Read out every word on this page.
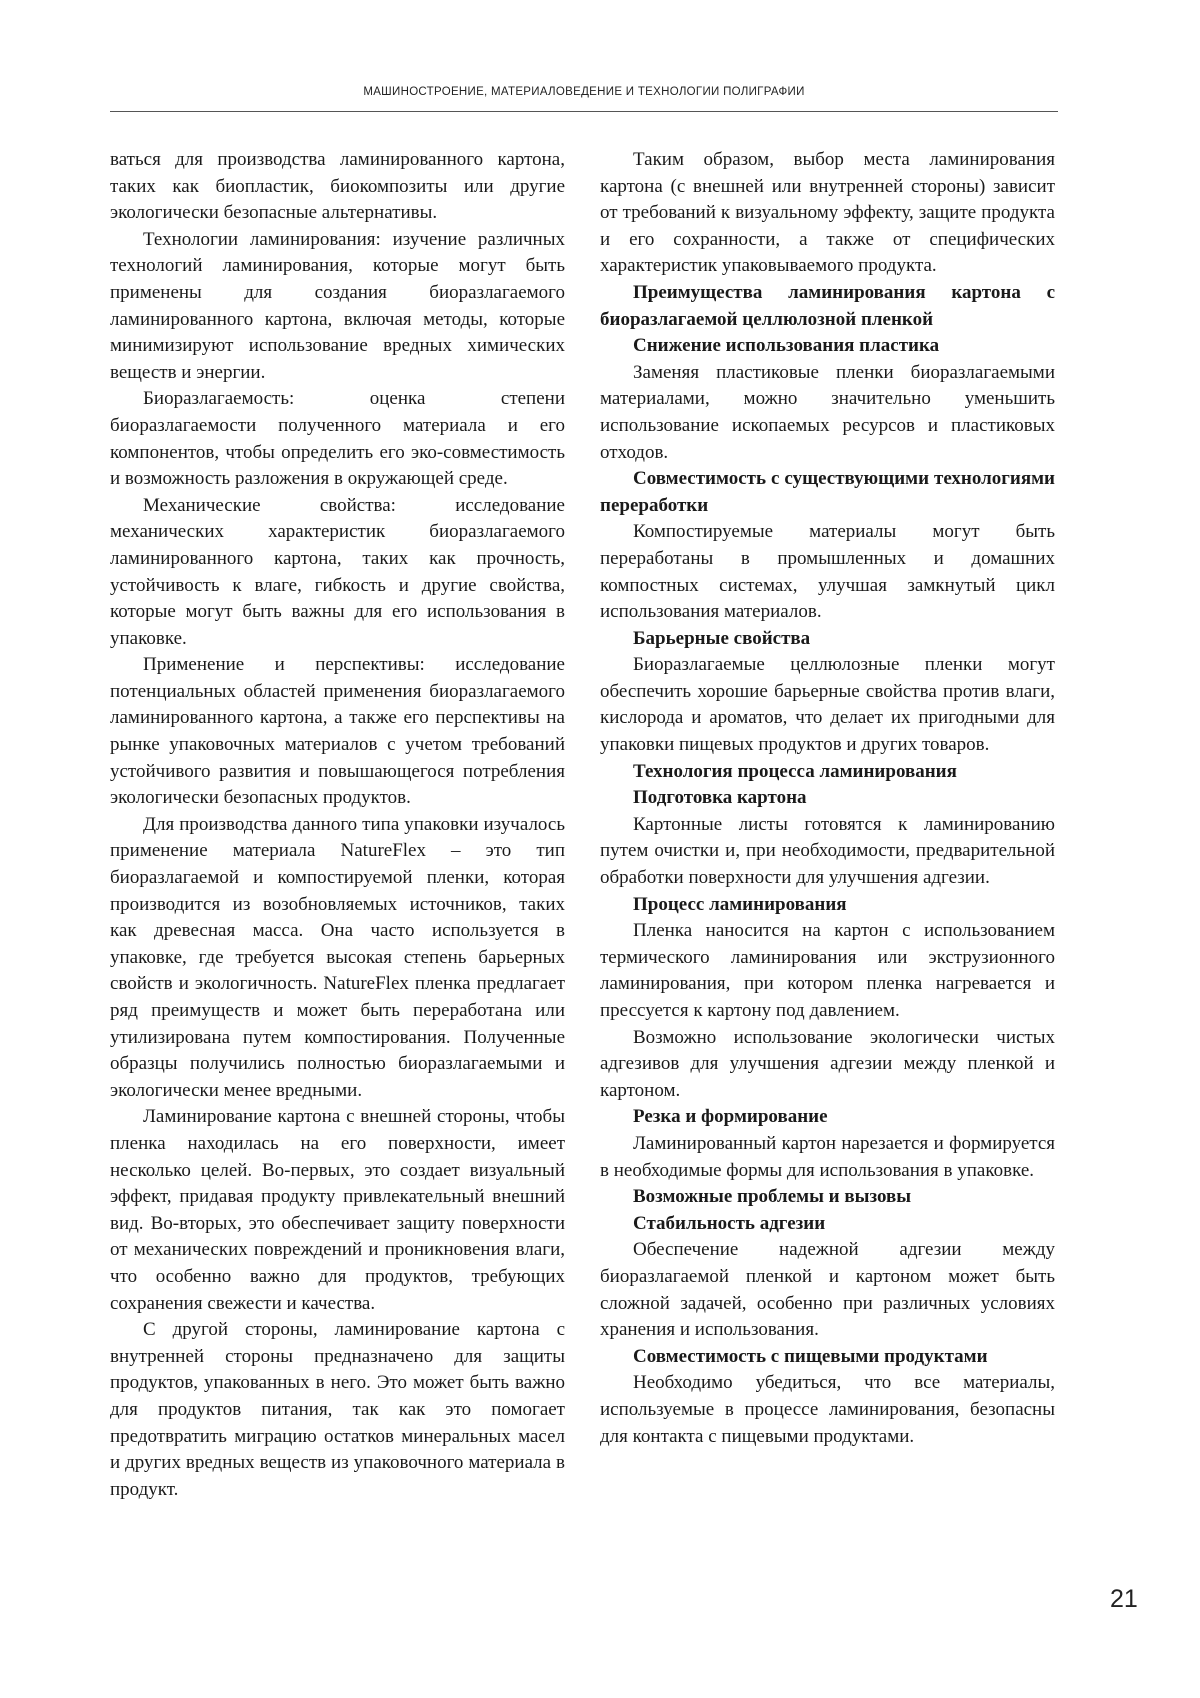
МАШИНОСТРОЕНИЕ, МАТЕРИАЛОВЕДЕНИЕ И ТЕХНОЛОГИИ ПОЛИГРАФИИ

ваться для производства ламинированного картона, таких как биопластик, биокомпозиты или другие экологически безопасные альтернативы.

Технологии ламинирования: изучение различных технологий ламинирования, которые могут быть применены для создания биоразлагаемого ламинированного картона, включая методы, которые минимизируют использование вредных химических веществ и энергии.

Биоразлагаемость: оценка степени биоразлагаемости полученного материала и его компонентов, чтобы определить его эко-совместимость и возможность разложения в окружающей среде.

Механические свойства: исследование механических характеристик биоразлагаемого ламинированного картона, таких как прочность, устойчивость к влаге, гибкость и другие свойства, которые могут быть важны для его использования в упаковке.

Применение и перспективы: исследование потенциальных областей применения биоразлагаемого ламинированного картона, а также его перспективы на рынке упаковочных материалов с учетом требований устойчивого развития и повышающегося потребления экологически безопасных продуктов.

Для производства данного типа упаковки изучалось применение материала NatureFlex – это тип биоразлагаемой и компостируемой пленки, которая производится из возобновляемых источников, таких как древесная масса. Она часто используется в упаковке, где требуется высокая степень барьерных свойств и экологичность. NatureFlex пленка предлагает ряд преимуществ и может быть переработана или утилизирована путем компостирования. Полученные образцы получились полностью биоразлагаемыми и экологически менее вредными.

Ламинирование картона с внешней стороны, чтобы пленка находилась на его поверхности, имеет несколько целей. Во-первых, это создает визуальный эффект, придавая продукту привлекательный внешний вид. Во-вторых, это обеспечивает защиту поверхности от механических повреждений и проникновения влаги, что особенно важно для продуктов, требующих сохранения свежести и качества.

С другой стороны, ламинирование картона с внутренней стороны предназначено для защиты продуктов, упакованных в него. Это может быть важно для продуктов питания, так как это помогает предотвратить миграцию остатков минеральных масел и других вредных веществ из упаковочного материала в продукт.

Таким образом, выбор места ламинирования картона (с внешней или внутренней стороны) зависит от требований к визуальному эффекту, защите продукта и его сохранности, а также от специфических характеристик упаковываемого продукта.

Преимущества ламинирования картона с биоразлагаемой целлюлозной пленкой
Снижение использования пластика

Заменяя пластиковые пленки биоразлагаемыми материалами, можно значительно уменьшить использование ископаемых ресурсов и пластиковых отходов.

Совместимость с существующими технологиями переработки

Компостируемые материалы могут быть переработаны в промышленных и домашних компостных системах, улучшая замкнутый цикл использования материалов.

Барьерные свойства

Биоразлагаемые целлюлозные пленки могут обеспечить хорошие барьерные свойства против влаги, кислорода и ароматов, что делает их пригодными для упаковки пищевых продуктов и других товаров.

Технология процесса ламинирования
Подготовка картона

Картонные листы готовятся к ламинированию путем очистки и, при необходимости, предварительной обработки поверхности для улучшения адгезии.

Процесс ламинирования

Пленка наносится на картон с использованием термического ламинирования или экструзионного ламинирования, при котором пленка нагревается и прессуется к картону под давлением.

Возможно использование экологически чистых адгезивов для улучшения адгезии между пленкой и картоном.

Резка и формирование

Ламинированный картон нарезается и формируется в необходимые формы для использования в упаковке.

Возможные проблемы и вызовы
Стабильность адгезии

Обеспечение надежной адгезии между биоразлагаемой пленкой и картоном может быть сложной задачей, особенно при различных условиях хранения и использования.

Совместимость с пищевыми продуктами

Необходимо убедиться, что все материалы, используемые в процессе ламинирования, безопасны для контакта с пищевыми продуктами.

21
